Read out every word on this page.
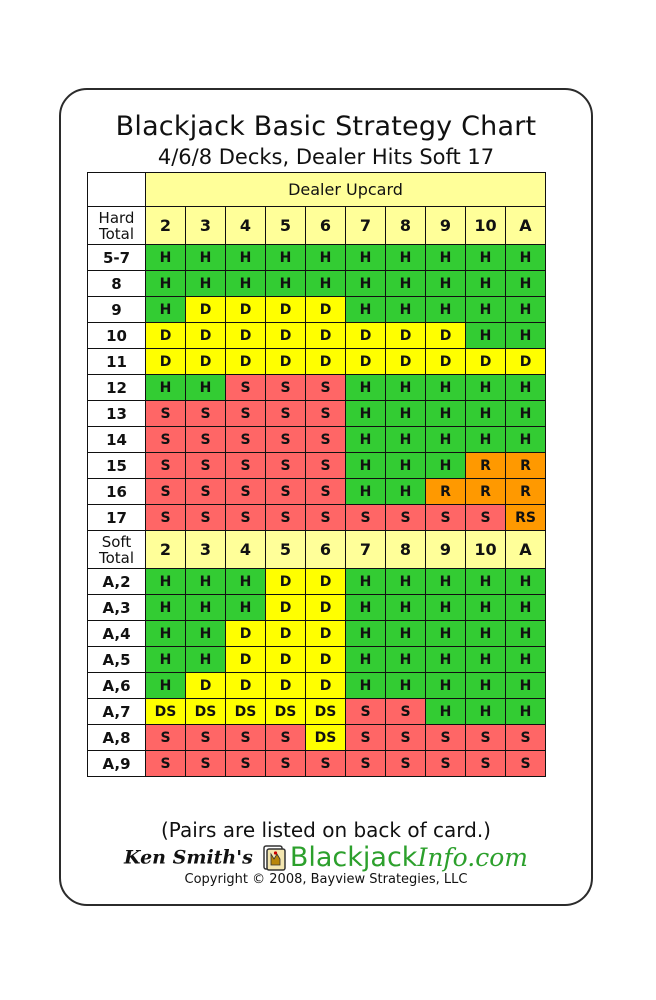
Blackjack Basic Strategy Chart
4/6/8 Decks, Dealer Hits Soft 17
	Dealer Upcard									
Hard
Total	2	3	4	5	6	7	8	9	10	A
5-7	H	H	H	H	H	H	H	H	H	H
8	H	H	H	H	H	H	H	H	H	H
9	H	D	D	D	D	H	H	H	H	H
10	D	D	D	D	D	D	D	D	H	H
11	D	D	D	D	D	D	D	D	D	D
12	H	H	S	S	S	H	H	H	H	H
13	S	S	S	S	S	H	H	H	H	H
14	S	S	S	S	S	H	H	H	H	H
15	S	S	S	S	S	H	H	H	R	R
16	S	S	S	S	S	H	H	R	R	R
17	S	S	S	S	S	S	S	S	S	RS
Soft
Total	2	3	4	5	6	7	8	9	10	A
A,2	H	H	H	D	D	H	H	H	H	H
A,3	H	H	H	D	D	H	H	H	H	H
A,4	H	H	D	D	D	H	H	H	H	H
A,5	H	H	D	D	D	H	H	H	H	H
A,6	H	D	D	D	D	H	H	H	H	H
A,7	DS	DS	DS	DS	DS	S	S	H	H	H
A,8	S	S	S	S	DS	S	S	S	S	S
A,9	S	S	S	S	S	S	S	S	S	S
(Pairs are listed on back of card.)
Ken Smith's BlackjackInfo.com
Copyright © 2008, Bayview Strategies, LLC
